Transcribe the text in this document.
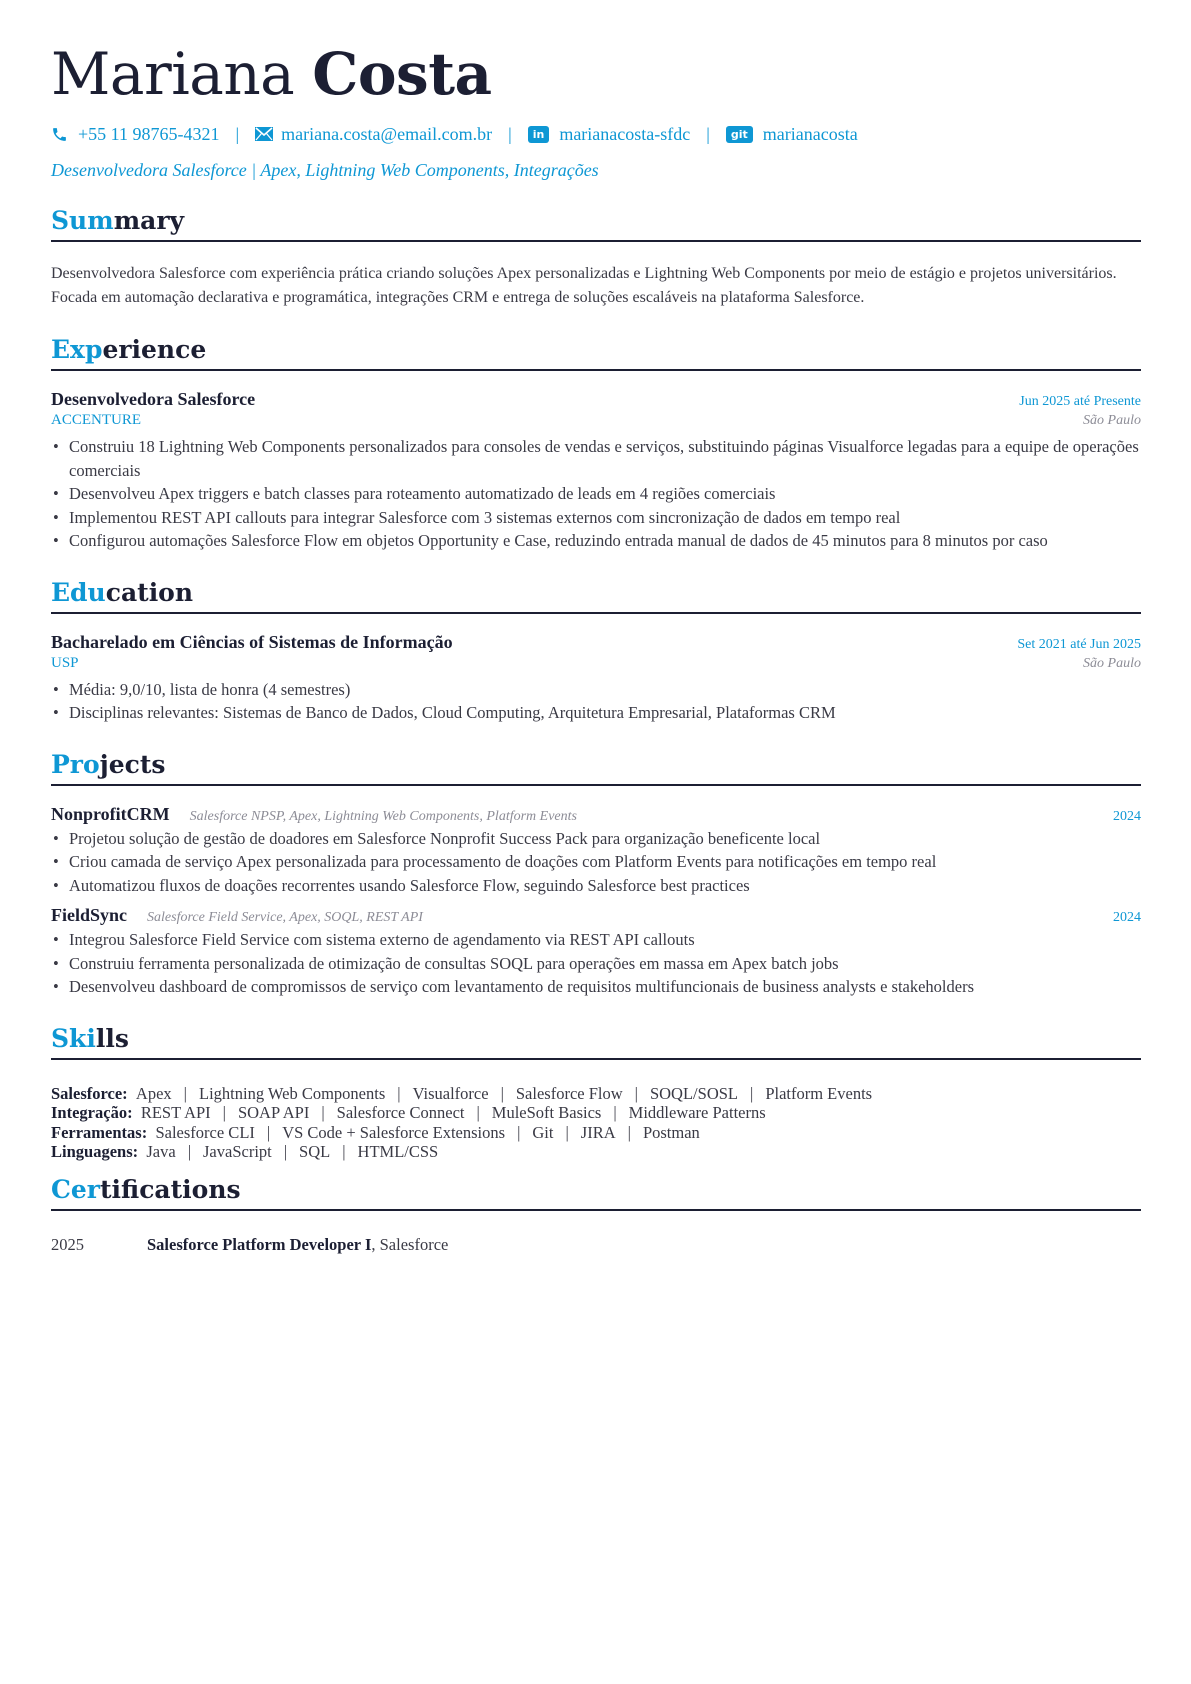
Mariana Costa
+55 11 98765-4321 | mariana.costa@email.com.br |	in marianacosta-sfdc |	git marianacosta
Desenvolvedora Salesforce | Apex, Lightning Web Components, Integrações
Summary
Desenvolvedora Salesforce com experiência prática criando soluções Apex personalizadas e Lightning Web Components por meio de estágio e projetos universitários. Focada em automação declarativa e programática, integrações CRM e entrega de soluções escaláveis na plataforma Salesforce.
Experience
Desenvolvedora Salesforce	Jun 2025 até Presente
ACCENTURE	São Paulo
• Construiu 18 Lightning Web Components personalizados para consoles de vendas e serviços, substituindo páginas Visualforce legadas para a equipe de operações comerciais
• Desenvolveu Apex triggers e batch classes para roteamento automatizado de leads em 4 regiões comerciais
• Implementou REST API callouts para integrar Salesforce com 3 sistemas externos com sincronização de dados em tempo real
• Configurou automações Salesforce Flow em objetos Opportunity e Case, reduzindo entrada manual de dados de 45 minutos para 8 minutos por caso
Education
Bacharelado em Ciências of Sistemas de Informação	Set 2021 até Jun 2025
USP	São Paulo
• Média: 9,0/10, lista de honra (4 semestres)
• Disciplinas relevantes: Sistemas de Banco de Dados, Cloud Computing, Arquitetura Empresarial, Plataformas CRM
Projects
NonprofitCRM Salesforce NPSP, Apex, Lightning Web Components, Platform Events	2024
• Projetou solução de gestão de doadores em Salesforce Nonprofit Success Pack para organização beneficente local
• Criou camada de serviço Apex personalizada para processamento de doações com Platform Events para notificações em tempo real
• Automatizou fluxos de doações recorrentes usando Salesforce Flow, seguindo Salesforce best practices
FieldSync Salesforce Field Service, Apex, SOQL, REST API	2024
• Integrou Salesforce Field Service com sistema externo de agendamento via REST API callouts
• Construiu ferramenta personalizada de otimização de consultas SOQL para operações em massa em Apex batch jobs
• Desenvolveu dashboard de compromissos de serviço com levantamento de requisitos multifuncionais de business analysts e stakeholders
Skills
Salesforce: Apex | Lightning Web Components | Visualforce | Salesforce Flow | SOQL/SOSL | Platform Events
Integração: REST API | SOAP API | Salesforce Connect | MuleSoft Basics | Middleware Patterns
Ferramentas: Salesforce CLI | VS Code + Salesforce Extensions | Git | JIRA | Postman
Linguagens: Java | JavaScript | SQL | HTML/CSS
Certifications
2025	Salesforce Platform Developer I, Salesforce
